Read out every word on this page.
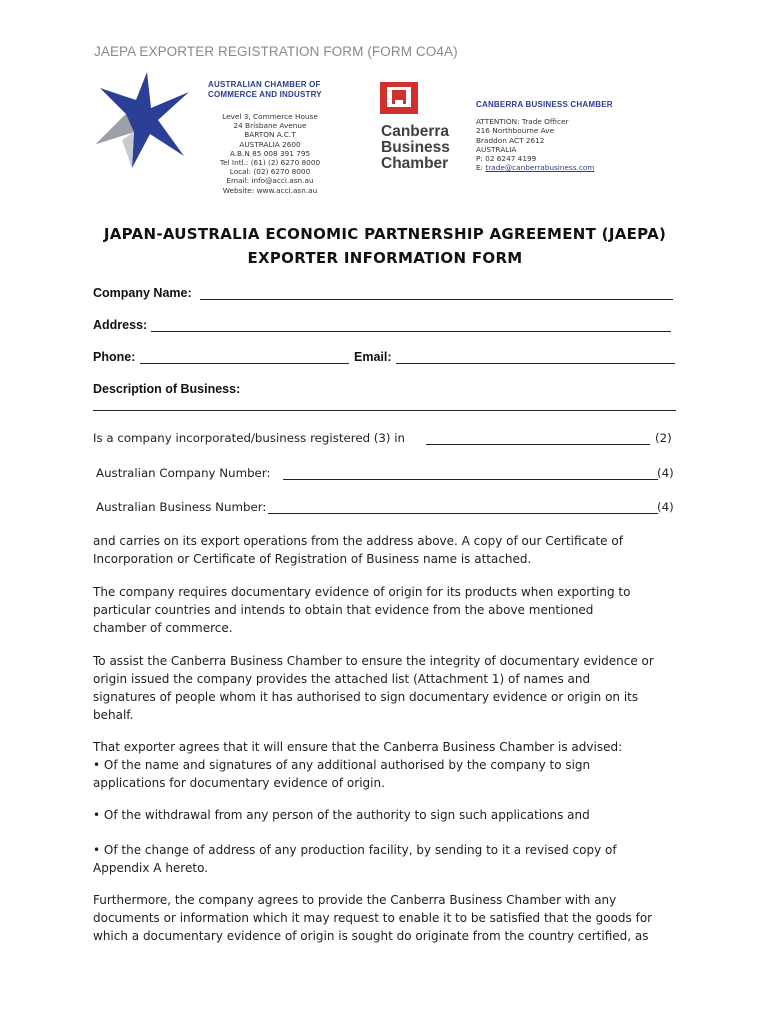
JAEPA EXPORTER REGISTRATION FORM (FORM CO4A)
AUSTRALIAN CHAMBER OF
COMMERCE AND INDUSTRY
Level 3, Commerce House
24 Brisbane Avenue
BARTON A.C.T
AUSTRALIA 2600
A.B.N 85 008 391 795
Tel Intl.: (61) (2) 6270 8000
Local: (02) 6270 8000
Email: info@acci.asn.au
Website: www.acci.asn.au
Canberra
Business
Chamber
CANBERRA BUSINESS CHAMBER
ATTENTION: Trade Officer
216 Northbourne Ave
Braddon ACT 2612
AUSTRALIA
P: 02 6247 4199
E: trade@canberrabusiness.com
JAPAN-AUSTRALIA ECONOMIC PARTNERSHIP AGREEMENT (JAEPA)
EXPORTER INFORMATION FORM
Company Name:
Address:
Phone:	Email:
Description of Business:
Is a company incorporated/business registered (3) in	(2)
Australian Company Number:	(4)
Australian Business Number:	(4)
and carries on its export operations from the address above. A copy of our Certificate of
Incorporation or Certificate of Registration of Business name is attached.
The company requires documentary evidence of origin for its products when exporting to
particular countries and intends to obtain that evidence from the above mentioned
chamber of commerce.
To assist the Canberra Business Chamber to ensure the integrity of documentary evidence or
origin issued the company provides the attached list (Attachment 1) of names and
signatures of people whom it has authorised to sign documentary evidence or origin on its
behalf.
That exporter agrees that it will ensure that the Canberra Business Chamber is advised:
• Of the name and signatures of any additional authorised by the company to sign
applications for documentary evidence of origin.
• Of the withdrawal from any person of the authority to sign such applications and
• Of the change of address of any production facility, by sending to it a revised copy of
Appendix A hereto.
Furthermore, the company agrees to provide the Canberra Business Chamber with any
documents or information which it may request to enable it to be satisfied that the goods for
which a documentary evidence of origin is sought do originate from the country certified, as
